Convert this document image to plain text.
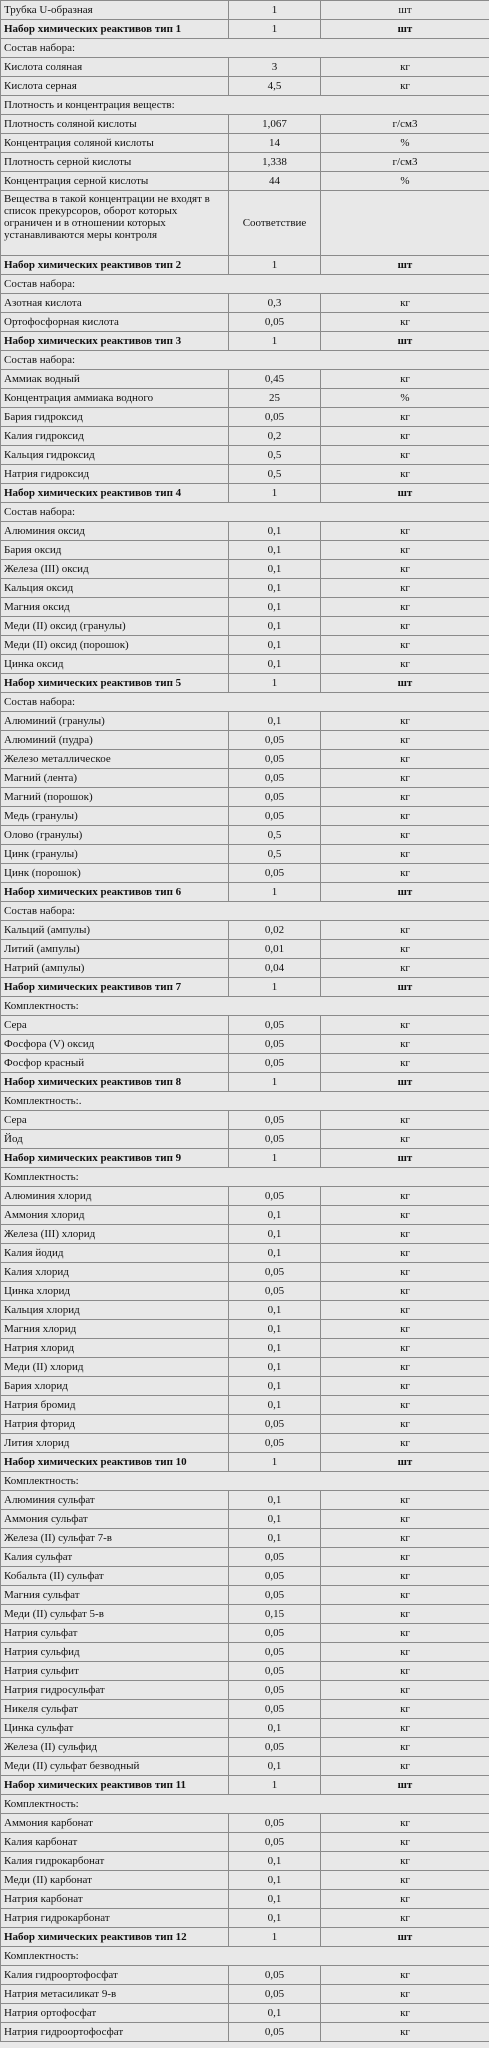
Трубка U-образная	1	шт
Набор химических реактивов тип 1	1	шт
Состав набора:		
Кислота соляная	3	кг
Кислота серная	4,5	кг
Плотность и концентрация веществ:		
Плотность соляной кислоты	1,067	г/см3
Концентрация соляной кислоты	14	%
Плотность серной кислоты	1,338	г/см3
Концентрация серной кислоты	44	%
Вещества в такой концентрации не входят в список прекурсоров, оборот которых ограничен и в отношении которых устанавливаются меры контроля	Соответствие	
Набор химических реактивов тип 2	1	шт
Состав набора:		
Азотная кислота	0,3	кг
Ортофосфорная кислота	0,05	кг
Набор химических реактивов тип 3	1	шт
Состав набора:		
Аммиак водный	0,45	кг
Концентрация аммиака водного	25	%
Бария гидроксид	0,05	кг
Калия гидроксид	0,2	кг
Кальция гидроксид	0,5	кг
Натрия гидроксид	0,5	кг
Набор химических реактивов тип 4	1	шт
Состав набора:		
Алюминия оксид	0,1	кг
Бария оксид	0,1	кг
Железа (III) оксид	0,1	кг
Кальция оксид	0,1	кг
Магния оксид	0,1	кг
Меди (II) оксид (гранулы)	0,1	кг
Меди (II) оксид (порошок)	0,1	кг
Цинка оксид	0,1	кг
Набор химических реактивов тип 5	1	шт
Состав набора:		
Алюминий (гранулы)	0,1	кг
Алюминий (пудра)	0,05	кг
Железо металлическое	0,05	кг
Магний (лента)	0,05	кг
Магний (порошок)	0,05	кг
Медь (гранулы)	0,05	кг
Олово (гранулы)	0,5	кг
Цинк (гранулы)	0,5	кг
Цинк (порошок)	0,05	кг
Набор химических реактивов тип 6	1	шт
Состав набора:		
Кальций (ампулы)	0,02	кг
Литий (ампулы)	0,01	кг
Натрий (ампулы)	0,04	кг
Набор химических реактивов тип 7	1	шт
Комплектность:		
Сера	0,05	кг
Фосфора (V) оксид	0,05	кг
Фосфор красный	0,05	кг
Набор химических реактивов тип 8	1	шт
Комплектность:.		
Сера	0,05	кг
Йод	0,05	кг
Набор химических реактивов тип 9	1	шт
Комплектность:		
Алюминия хлорид	0,05	кг
Аммония хлорид	0,1	кг
Железа (III) хлорид	0,1	кг
Калия йодид	0,1	кг
Калия хлорид	0,05	кг
Цинка хлорид	0,05	кг
Кальция хлорид	0,1	кг
Магния хлорид	0,1	кг
Натрия хлорид	0,1	кг
Меди (II) хлорид	0,1	кг
Бария хлорид	0,1	кг
Натрия бромид	0,1	кг
Натрия фторид	0,05	кг
Лития хлорид	0,05	кг
Набор химических реактивов тип 10	1	шт
Комплектность:		
Алюминия сульфат	0,1	кг
Аммония сульфат	0,1	кг
Железа (II) сульфат 7-в	0,1	кг
Калия сульфат	0,05	кг
Кобальта (II) сульфат	0,05	кг
Магния сульфат	0,05	кг
Меди (II) сульфат 5-в	0,15	кг
Натрия сульфат	0,05	кг
Натрия сульфид	0,05	кг
Натрия сульфит	0,05	кг
Натрия гидросульфат	0,05	кг
Никеля сульфат	0,05	кг
Цинка сульфат	0,1	кг
Железа (II) сульфид	0,05	кг
Меди (II) сульфат безводный	0,1	кг
Набор химических реактивов тип 11	1	шт
Комплектность:		
Аммония карбонат	0,05	кг
Калия карбонат	0,05	кг
Калия гидрокарбонат	0,1	кг
Меди (II) карбонат	0,1	кг
Натрия карбонат	0,1	кг
Натрия гидрокарбонат	0,1	кг
Набор химических реактивов тип 12	1	шт
Комплектность:		
Калия гидроортофосфат	0,05	кг
Натрия метасиликат 9-в	0,05	кг
Натрия ортофосфат	0,1	кг
Натрия гидроортофосфат	0,05	кг
